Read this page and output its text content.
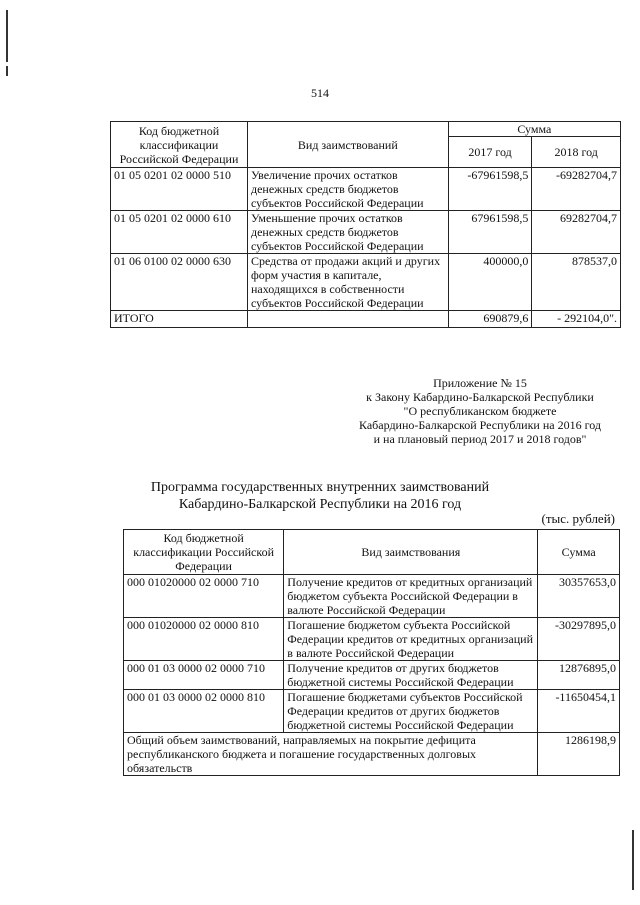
514
Код бюджетной классификации Российской Федерации	Вид заимствований	Сумма	
		2017 год	2018 год
01 05 0201 02 0000 510	Увеличение прочих остатков денежных средств бюджетов субъектов Российской Федерации	-67961598,5	-69282704,7
01 05 0201 02 0000 610	Уменьшение прочих остатков денежных средств бюджетов субъектов Российской Федерации	67961598,5	69282704,7
01 06 0100 02 0000 630	Средства от продажи акций и других форм участия в капитале, находящихся в собственности субъектов Российской Федерации	400000,0	878537,0
ИТОГО		690879,6	- 292104,0".
Приложение № 15
к Закону Кабардино-Балкарской Республики
"О республиканском бюджете
Кабардино-Балкарской Республики на 2016 год
и на плановый период 2017 и 2018 годов"
Программа государственных внутренних заимствований
Кабардино-Балкарской Республики на 2016 год
(тыс. рублей)
Код бюджетной классификации Российской Федерации	Вид заимствования	Сумма
000 01020000 02 0000 710	Получение кредитов от кредитных организаций бюджетом субъекта Российской Федерации в валюте Российской Федерации	30357653,0
000 01020000 02 0000 810	Погашение бюджетом субъекта Российской Федерации кредитов от кредитных организаций в валюте Российской Федерации	-30297895,0
000 01 03 0000 02 0000 710	Получение кредитов от других бюджетов бюджетной системы Российской Федерации	12876895,0
000 01 03 0000 02 0000 810	Погашение бюджетами субъектов Российской Федерации кредитов от других бюджетов бюджетной системы Российской Федерации	-11650454,1
Общий объем заимствований, направляемых на покрытие дефицита республиканского бюджета и погашение государственных долговых обязательств		1286198,9
